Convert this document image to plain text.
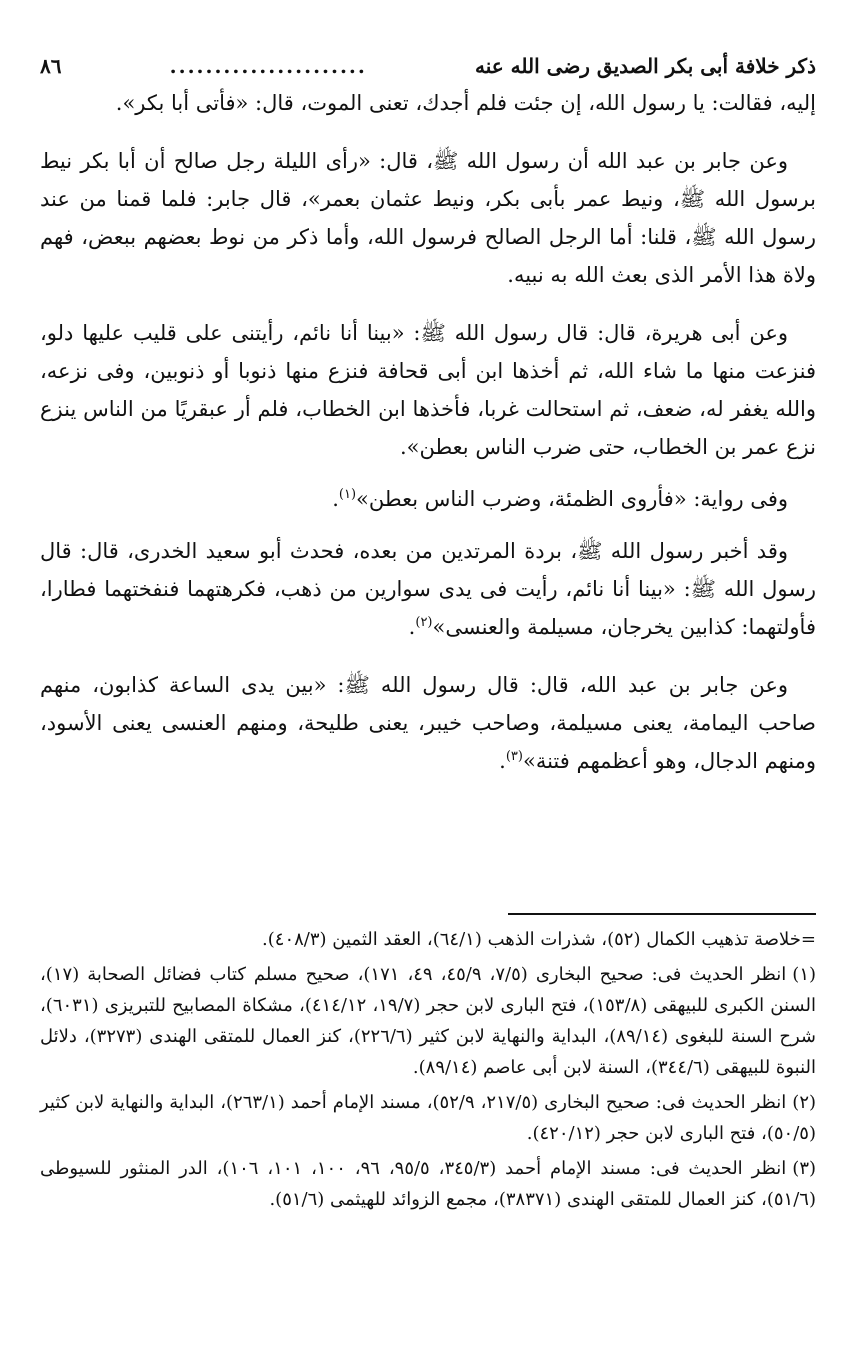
ذكر خلافة أبى بكر الصديق رضى الله عنه
......................
٨٦

إليه، فقالت: يا رسول الله، إن جئت فلم أجدك، تعنى الموت، قال: «فأتى أبا بكر».

وعن جابر بن عبد الله أن رسول الله ﷺ، قال: «رأى الليلة رجل صالح أن أبا بكر نيط برسول الله ﷺ، ونيط عمر بأبى بكر، ونيط عثمان بعمر»، قال جابر: فلما قمنا من عند رسول الله ﷺ، قلنا: أما الرجل الصالح فرسول الله، وأما ذكر من نوط بعضهم ببعض، فهم ولاة هذا الأمر الذى بعث الله به نبيه.

وعن أبى هريرة، قال: قال رسول الله ﷺ: «بينا أنا نائم، رأيتنى على قليب عليها دلو، فنزعت منها ما شاء الله، ثم أخذها ابن أبى قحافة فنزع منها ذنوبا أو ذنوبين، وفى نزعه، والله يغفر له، ضعف، ثم استحالت غربا، فأخذها ابن الخطاب، فلم أر عبقريًا من الناس ينزع نزع عمر بن الخطاب، حتى ضرب الناس بعطن».

وفى رواية: «فأروى الظمئة، وضرب الناس بعطن»$^{(١)}$.

وقد أخبر رسول الله ﷺ، بردة المرتدين من بعده، فحدث أبو سعيد الخدرى، قال: قال رسول الله ﷺ: «بينا أنا نائم، رأيت فى يدى سوارين من ذهب، فكرهتهما فنفختهما فطارا، فأولتهما: كذابين يخرجان، مسيلمة والعنسى»$^{(٢)}$.

وعن جابر بن عبد الله، قال: قال رسول الله ﷺ: «بين يدى الساعة كذابون، منهم صاحب اليمامة، يعنى مسيلمة، وصاحب خيبر، يعنى طليحة، ومنهم العنسى يعنى الأسود، ومنهم الدجال، وهو أعظمهم فتنة»$^{(٣)}$.

=خلاصة تذهيب الكمال (٥٢)، شذرات الذهب (٦٤/١)، العقد الثمين (٤٠٨/٣).

(١)انظر الحديث فى: صحيح البخارى (٧/٥، ٤٥/٩، ٤٩، ١٧١)، صحيح مسلم كتاب فضائل الصحابة (١٧)، السنن الكبرى للبيهقى (١٥٣/٨)، فتح البارى لابن حجر (١٩/٧، ٤١٤/١٢)، مشكاة المصابيح للتبريزى (٦٠٣١)، شرح السنة للبغوى (٨٩/١٤)، البداية والنهاية لابن كثير (٢٢٦/٦)، كنز العمال للمتقى الهندى (٣٢٧٣)، دلائل النبوة للبيهقى (٣٤٤/٦)، السنة لابن أبى عاصم (٨٩/١٤).

(٢)انظر الحديث فى: صحيح البخارى (٢١٧/٥، ٥٢/٩)، مسند الإمام أحمد (٢٦٣/١)، البداية والنهاية لابن كثير (٥٠/٥)، فتح البارى لابن حجر (٤٢٠/١٢).

(٣)انظر الحديث فى: مسند الإمام أحمد (٣٤٥/٣، ٩٥/٥، ٩٦، ١٠٠، ١٠١، ١٠٦)، الدر المنثور للسيوطى (٥١/٦)، كنز العمال للمتقى الهندى (٣٨٣٧١)، مجمع الزوائد للهيثمى (٥١/٦).
